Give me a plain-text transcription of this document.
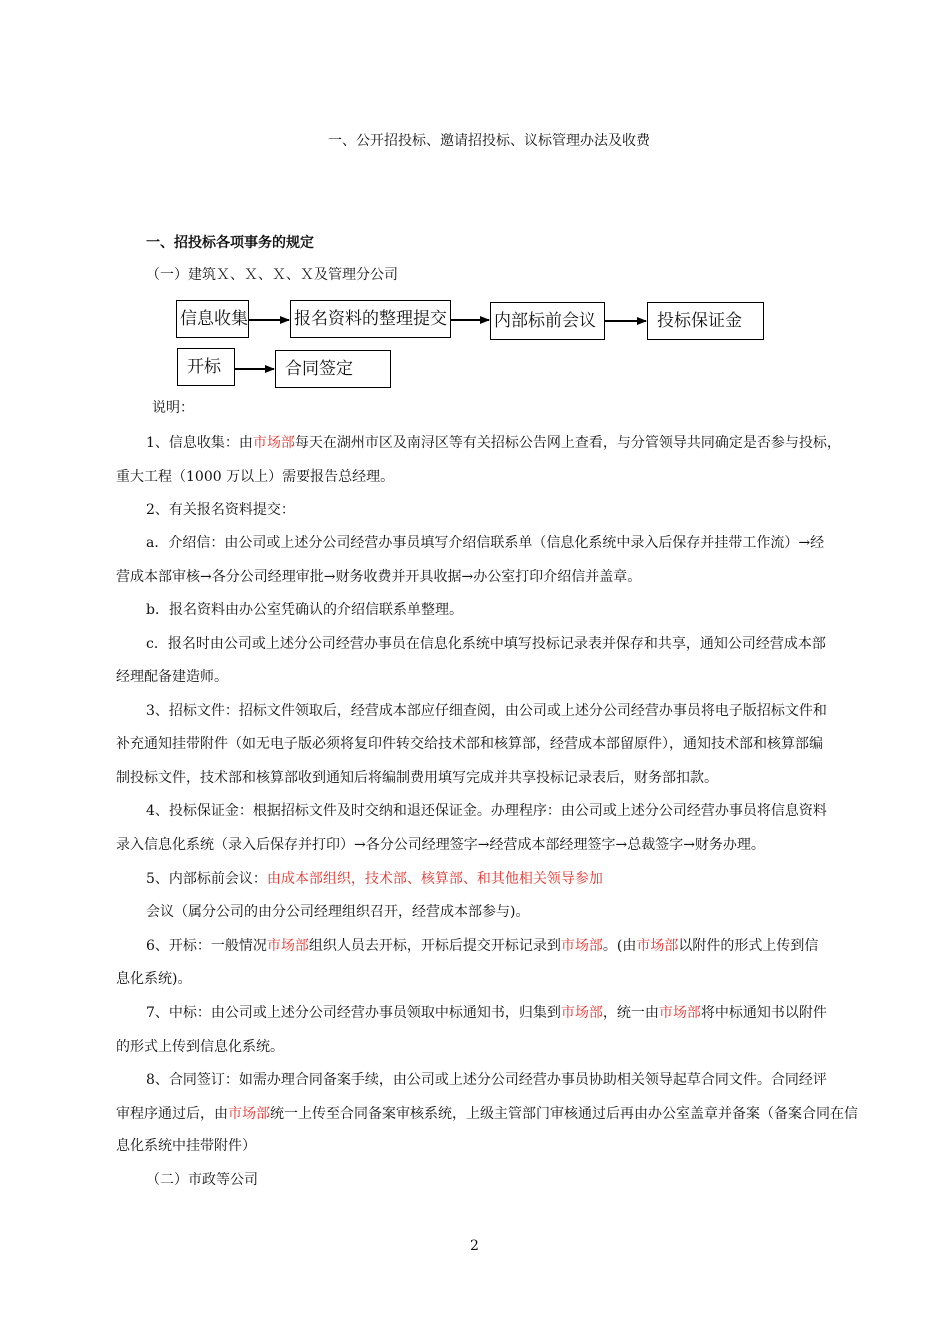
一、公开招投标、邀请招投标、议标管理办法及收费

一、招投标各项事务的规定

（一）建筑Ｘ、Ｘ、Ｘ、Ｘ及管理分公司

信息收集	报名资料的整理提交	内部标前会议	投标保证金
开标	合同签定

说明：

1、信息收集：由市场部每天在湖州市区及南浔区等有关招标公告网上查看，与分管领导共同确定是否参与投标，

重大工程（1000 万以上）需要报告总经理。

2、有关报名资料提交：

a．介绍信：由公司或上述分公司经营办事员填写介绍信联系单（信息化系统中录入后保存并挂带工作流）→经

营成本部审核→各分公司经理审批→财务收费并开具收据→办公室打印介绍信并盖章。

b．报名资料由办公室凭确认的介绍信联系单整理。

c．报名时由公司或上述分公司经营办事员在信息化系统中填写投标记录表并保存和共享，通知公司经营成本部

经理配备建造师。

3、招标文件：招标文件领取后，经营成本部应仔细查阅，由公司或上述分公司经营办事员将电子版招标文件和

补充通知挂带附件（如无电子版必须将复印件转交给技术部和核算部，经营成本部留原件），通知技术部和核算部编

制投标文件，技术部和核算部收到通知后将编制费用填写完成并共享投标记录表后，财务部扣款。

4、投标保证金：根据招标文件及时交纳和退还保证金。办理程序：由公司或上述分公司经营办事员将信息资料

录入信息化系统（录入后保存并打印）→各分公司经理签字→经营成本部经理签字→总裁签字→财务办理。

5、内部标前会议：由成本部组织，技术部、核算部、和其他相关领导参加

会议（属分公司的由分公司经理组织召开，经营成本部参与)。

6、开标：一般情况市场部组织人员去开标，开标后提交开标记录到市场部。(由市场部以附件的形式上传到信

息化系统)。

7、中标：由公司或上述分公司经营办事员领取中标通知书，归集到市场部，统一由市场部将中标通知书以附件

的形式上传到信息化系统。

8、合同签订：如需办理合同备案手续，由公司或上述分公司经营办事员协助相关领导起草合同文件。合同经评

审程序通过后，由市场部统一上传至合同备案审核系统，上级主管部门审核通过后再由办公室盖章并备案（备案合同在信

息化系统中挂带附件）

（二）市政等公司

2
